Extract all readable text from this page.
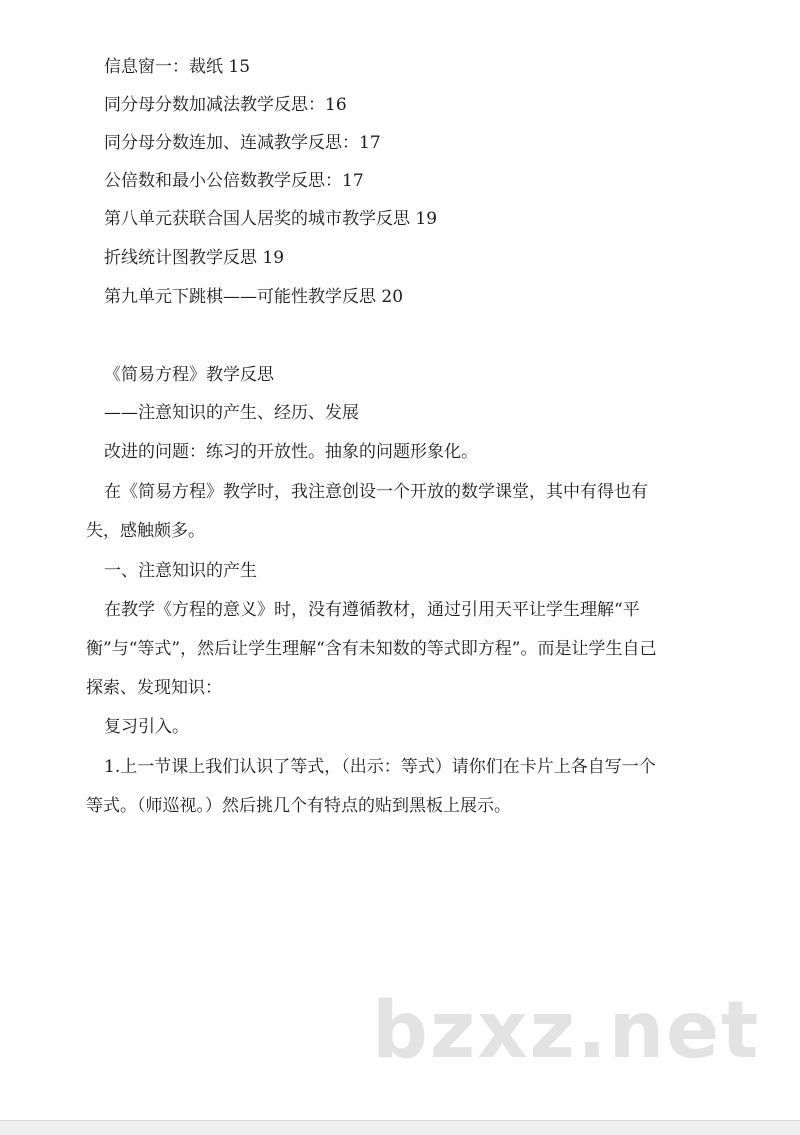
信息窗一：裁纸 15
同分母分数加减法教学反思：16
同分母分数连加、连减教学反思：17
公倍数和最小公倍数教学反思：17
第八单元获联合国人居奖的城市教学反思 19
折线统计图教学反思 19
第九单元下跳棋——可能性教学反思 20
《简易方程》教学反思
——注意知识的产生、经历、发展
改进的问题：练习的开放性。抽象的问题形象化。
在《简易方程》教学时，我注意创设一个开放的数学课堂，其中有得也有
失，感触颇多。
一、注意知识的产生
在教学《方程的意义》时，没有遵循教材，通过引用天平让学生理解“平
衡”与“等式”，然后让学生理解“含有未知数的等式即方程”。而是让学生自己
探索、发现知识：
复习引入。
1.上一节课上我们认识了等式，（出示：等式）请你们在卡片上各自写一个
等式。（师巡视。）然后挑几个有特点的贴到黑板上展示。
bzxz.net
